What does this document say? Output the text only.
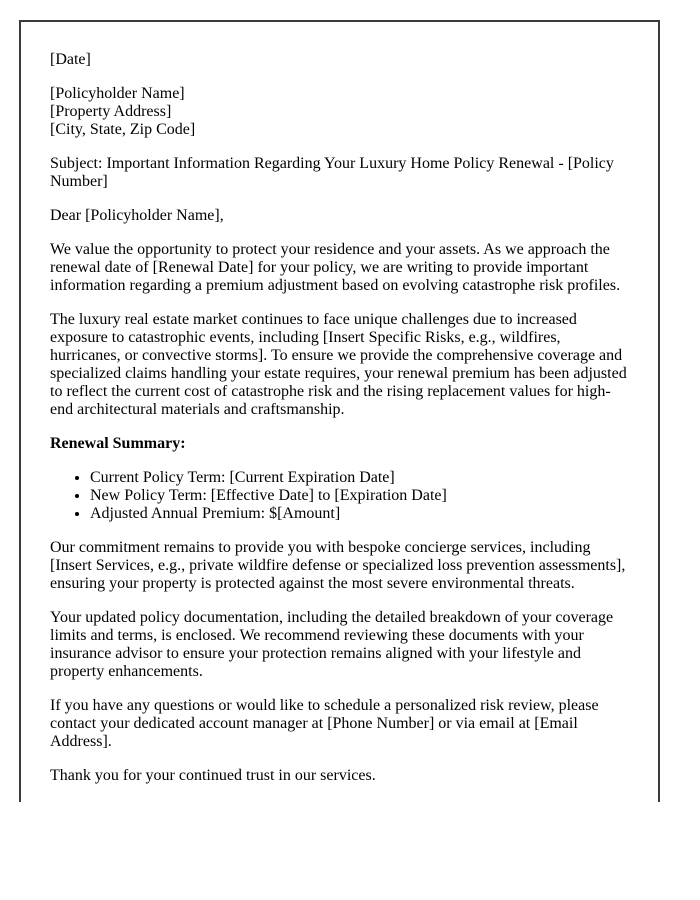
[Date]

[Policyholder Name]
[Property Address]
[City, State, Zip Code]

Subject: Important Information Regarding Your Luxury Home Policy Renewal - [Policy Number]

Dear [Policyholder Name],

We value the opportunity to protect your residence and your assets. As we approach the renewal date of [Renewal Date] for your policy, we are writing to provide important information regarding a premium adjustment based on evolving catastrophe risk profiles.

The luxury real estate market continues to face unique challenges due to increased exposure to catastrophic events, including [Insert Specific Risks, e.g., wildfires, hurricanes, or convective storms]. To ensure we provide the comprehensive coverage and specialized claims handling your estate requires, your renewal premium has been adjusted to reflect the current cost of catastrophe risk and the rising replacement values for high-end architectural materials and craftsmanship.

Renewal Summary:
• Current Policy Term: [Current Expiration Date]
• New Policy Term: [Effective Date] to [Expiration Date]
• Adjusted Annual Premium: $[Amount]

Our commitment remains to provide you with bespoke concierge services, including [Insert Services, e.g., private wildfire defense or specialized loss prevention assessments], ensuring your property is protected against the most severe environmental threats.

Your updated policy documentation, including the detailed breakdown of your coverage limits and terms, is enclosed. We recommend reviewing these documents with your insurance advisor to ensure your protection remains aligned with your lifestyle and property enhancements.

If you have any questions or would like to schedule a personalized risk review, please contact your dedicated account manager at [Phone Number] or via email at [Email Address].

Thank you for your continued trust in our services.
